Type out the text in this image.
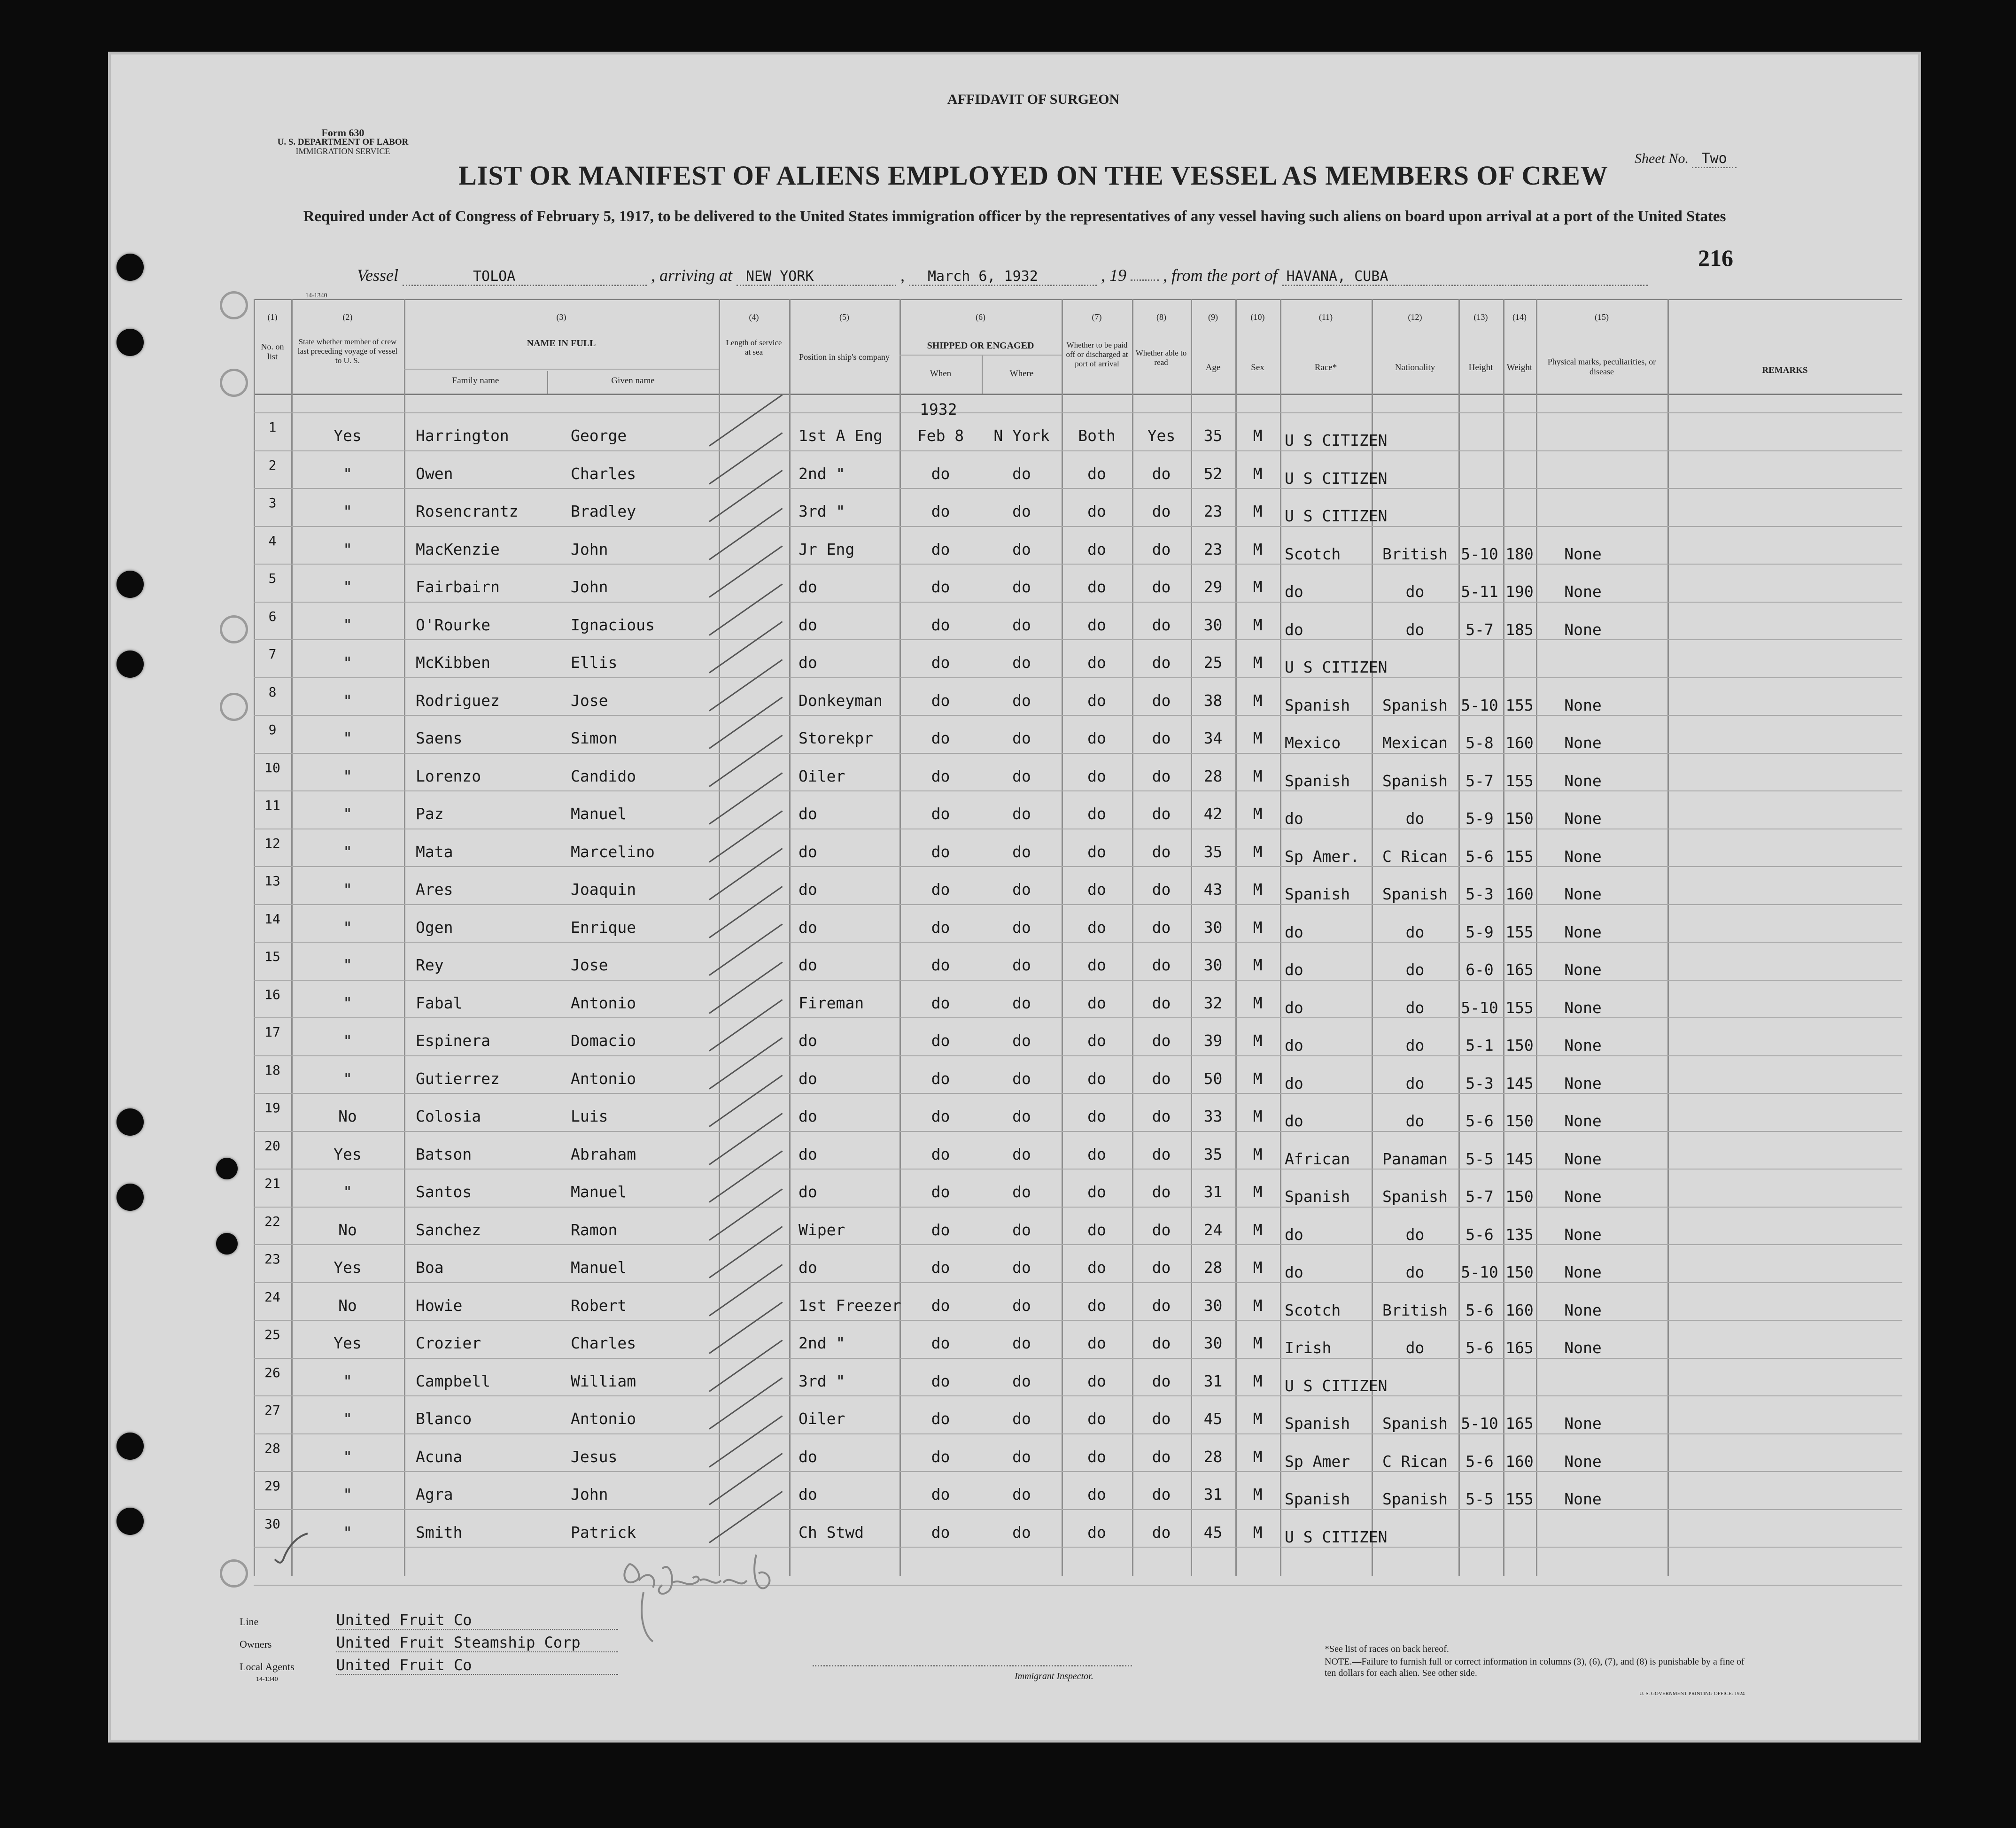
AFFIDAVIT OF SURGEON
Form 630
U. S. DEPARTMENT OF LABOR
IMMIGRATION SERVICE	Sheet No. Two
LIST OR MANIFEST OF ALIENS EMPLOYED ON THE VESSEL AS MEMBERS OF CREW
Required under Act of Congress of February 5, 1917, to be delivered to the United States immigration officer by the representatives of any vessel having such aliens on board upon arrival at a port of the United States
216
Vessel	TOLOA	, arriving at NEW YORK	, March 6, 1932	, 19 , from the port of HAVANA, CUBA
14-1340
(1)
No. on list
(2)
State whether member of crew last preceding voyage of vessel to U. S.
(3)
NAME IN FULL
Family name	Given name
(4)
Length of service at sea
(5)
Position in ship's company
(6)
SHIPPED OR ENGAGED
When	Where
(7)
Whether to be paid off or discharged at port of arrival
(8)
Whether able to read
(9)
Age
(10)
Sex
(11)
Race*
(12)
Nationality
(13)
Height
(14)
Weight
(15)
Physical marks, peculiarities, or disease	REMARKS
1932
1	Yes	Harrington	George	1st A Eng	Feb 8	N York	Both	Yes	35	M	U S CITIZEN
2	"	Owen	Charles	2nd "	do	do	do	do	52	M	U S CITIZEN
3	"	Rosencrantz	Bradley	3rd "	do	do	do	do	23	M	U S CITIZEN
4	"	MacKenzie	John	Jr Eng	do	do	do	do	23	M	Scotch	British 5-10 180	None
5	"	Fairbairn	John	do	do	do	do	do	29	M	do	do	5-11 190	None
6	"	O'Rourke	Ignacious	do	do	do	do	do	30	M	do	do	5-7 185	None
7	"	McKibben	Ellis	do	do	do	do	do	25	M	U S CITIZEN
8	"	Rodriguez	Jose	Donkeyman	do	do	do	do	38	M	Spanish	Spanish 5-10 155	None
9	"	Saens	Simon	Storekpr	do	do	do	do	34	M	Mexico	Mexican	5-8 160	None
10	"	Lorenzo	Candido	Oiler	do	do	do	do	28	M	Spanish	Spanish	5-7 155	None
11	"	Paz	Manuel	do	do	do	do	do	42	M	do	do	5-9 150	None
12	"	Mata	Marcelino	do	do	do	do	do	35	M	Sp Amer.	C Rican	5-6 155	None
13	"	Ares	Joaquin	do	do	do	do	do	43	M	Spanish	Spanish	5-3 160	None
14	"	Ogen	Enrique	do	do	do	do	do	30	M	do	do	5-9 155	None
15	"	Rey	Jose	do	do	do	do	do	30	M	do	do	6-0 165	None
16	"	Fabal	Antonio	Fireman	do	do	do	do	32	M	do	do	5-10 155	None
17	"	Espinera	Domacio	do	do	do	do	do	39	M	do	do	5-1 150	None
18	"	Gutierrez	Antonio	do	do	do	do	do	50	M	do	do	5-3 145	None
19	No	Colosia	Luis	do	do	do	do	do	33	M	do	do	5-6 150	None
20	Yes	Batson	Abraham	do	do	do	do	do	35	M	African	Panaman	5-5 145	None
21	"	Santos	Manuel	do	do	do	do	do	31	M	Spanish	Spanish	5-7 150	None
22	No	Sanchez	Ramon	Wiper	do	do	do	do	24	M	do	do	5-6 135	None
23	Yes	Boa	Manuel	do	do	do	do	do	28	M	do	do	5-10 150	None
24	No	Howie	Robert	1st Freezer	do	do	do	do	30	M	Scotch	British	5-6 160	None
25	Yes	Crozier	Charles	2nd "	do	do	do	do	30	M	Irish	do	5-6 165	None
26	"	Campbell	William	3rd "	do	do	do	do	31	M	U S CITIZEN
27	"	Blanco	Antonio	Oiler	do	do	do	do	45	M	Spanish	Spanish 5-10 165	None
28	"	Acuna	Jesus	do	do	do	do	do	28	M	Sp Amer	C Rican	5-6 160	None
29	"	Agra	John	do	do	do	do	do	31	M	Spanish	Spanish	5-5 155	None
30	"	Smith	Patrick	Ch Stwd	do	do	do	do	45	M	U S CITIZEN
Line	United Fruit Co
Owners	United Fruit Steamship Corp
Local Agents	United Fruit Co
14-1340	Immigrant Inspector.
*See list of races on back hereof.
NOTE.—Failure to furnish full or correct information in columns (3), (6), (7), and (8) is punishable by a fine of ten dollars for each alien. See other side.
U. S. GOVERNMENT PRINTING OFFICE: 1924
